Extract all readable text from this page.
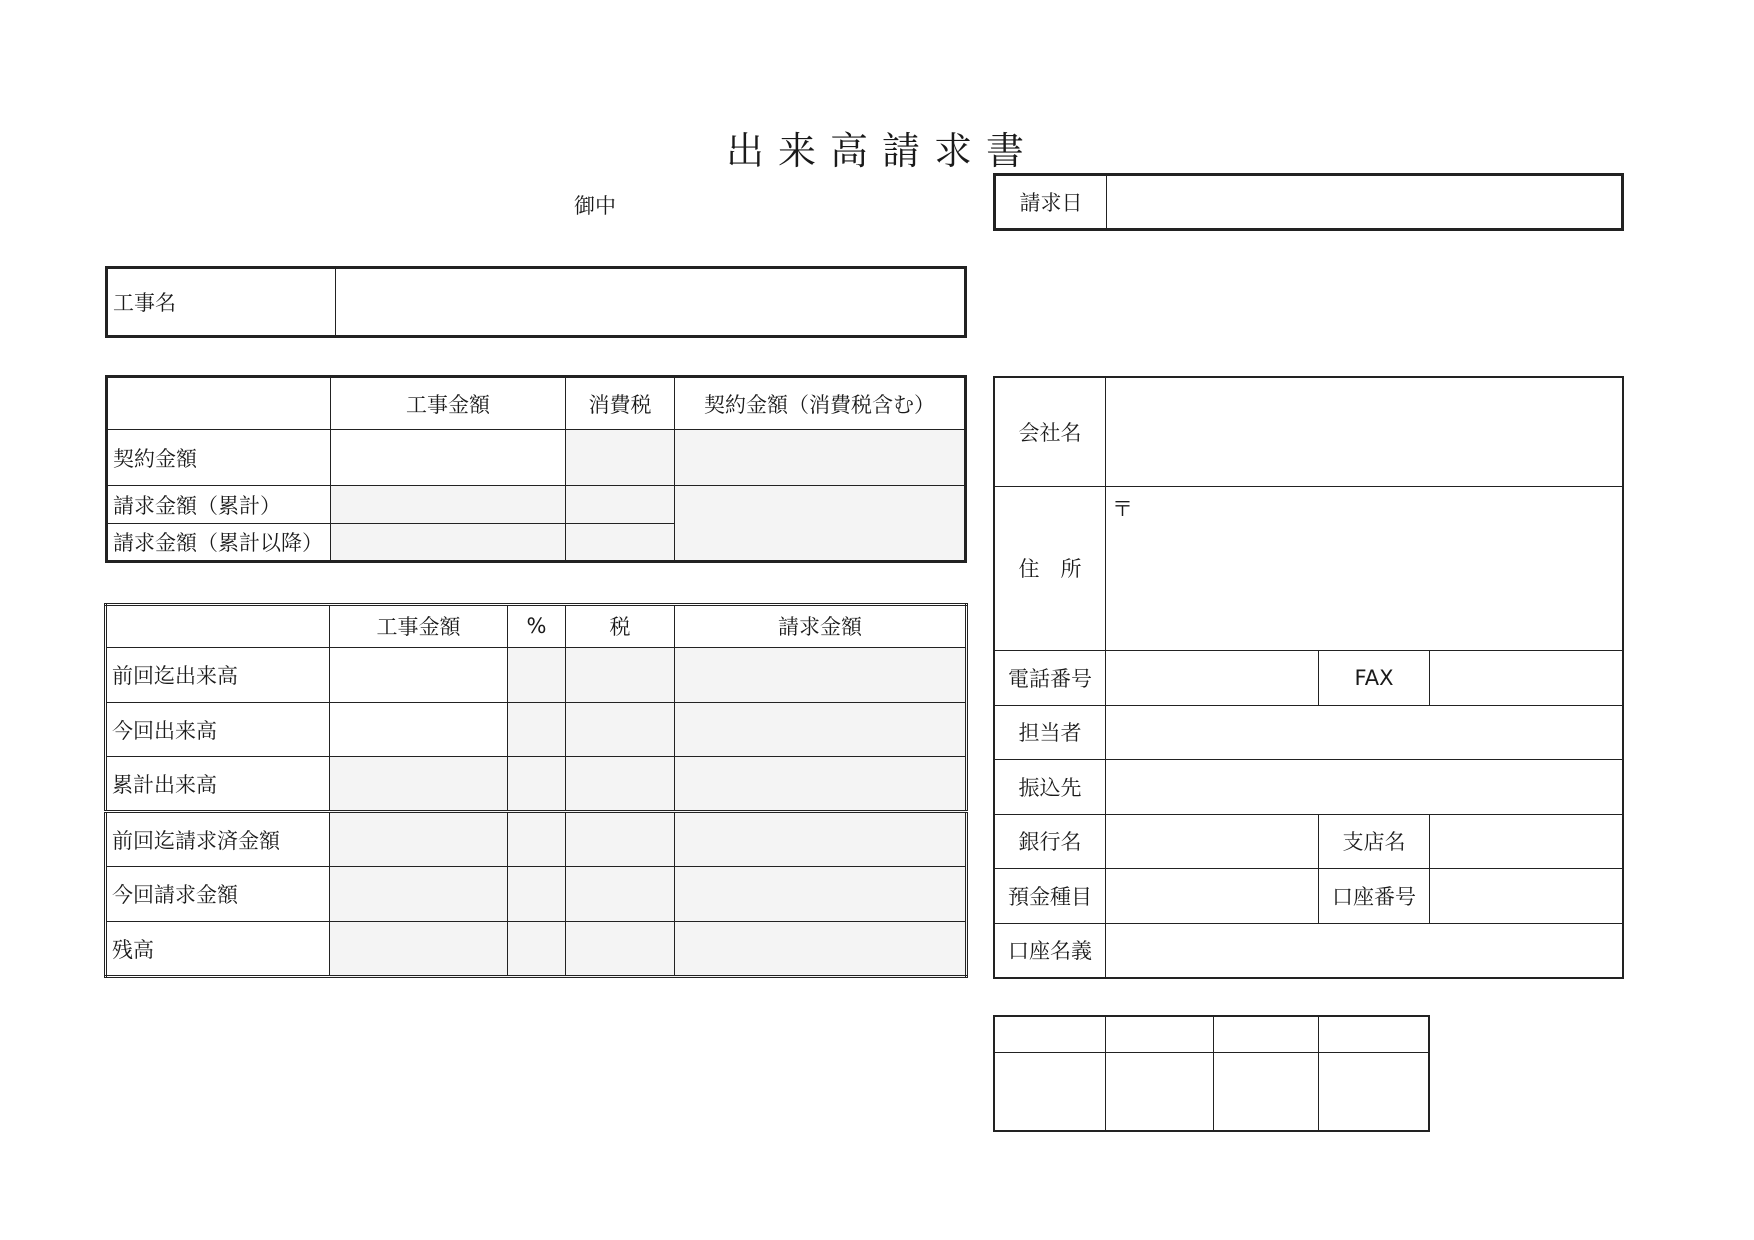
出来高請求書
御中	請求日	
工事名	
	工事金額	消費税	契約金額（消費税含む）
契約金額			
請求金額（累計）			
請求金額（累計以降）			
	工事金額	%	税	請求金額
前回迄出来高				
今回出来高				
累計出来高				
前回迄請求済金額				
今回請求金額				
残高				
会社名			
住　所	〒		
電話番号		FAX	
担当者			
振込先			
銀行名		支店名	
預金種目		口座番号	
口座名義			
